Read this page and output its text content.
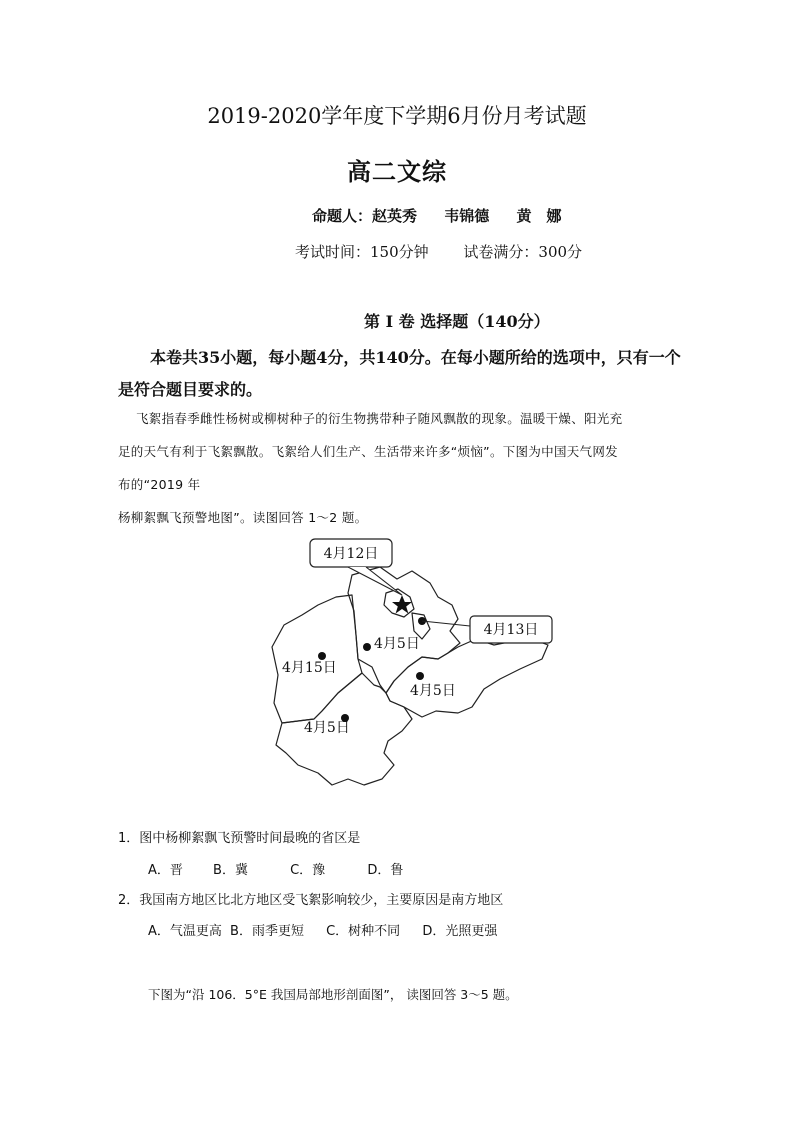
2019-2020学年度下学期6月份月考试题
高二文综
命题人：赵英秀 韦锦德 黄　娜
考试时间：150分钟 试卷满分：300分
第 I 卷 选择题（140分）
本卷共35小题，每小题4分，共140分。在每小题所给的选项中，只有一个是符合题目要求的。
飞絮指春季雌性杨树或柳树种子的衍生物携带种子随风飘散的现象。温暖干燥、阳光充
足的天气有利于飞絮飘散。飞絮给人们生产、生活带来许多“烦恼”。下图为中国天气网发
布的“2019 年
杨柳絮飘飞预警地图”。读图回答 1～2 题。
4月12日
4月13日
4月15日
4月5日
4月5日
4月5日
1．图中杨柳絮飘飞预警时间最晚的省区是
A．晋 B．冀	C．豫	D．鲁
2．我国南方地区比北方地区受飞絮影响较少，主要原因是南方地区
A．气温更高 B．雨季更短 C．树种不同 D．光照更强
下图为“沿 106．5°E 我国局部地形剖面图”， 读图回答 3～5 题。
